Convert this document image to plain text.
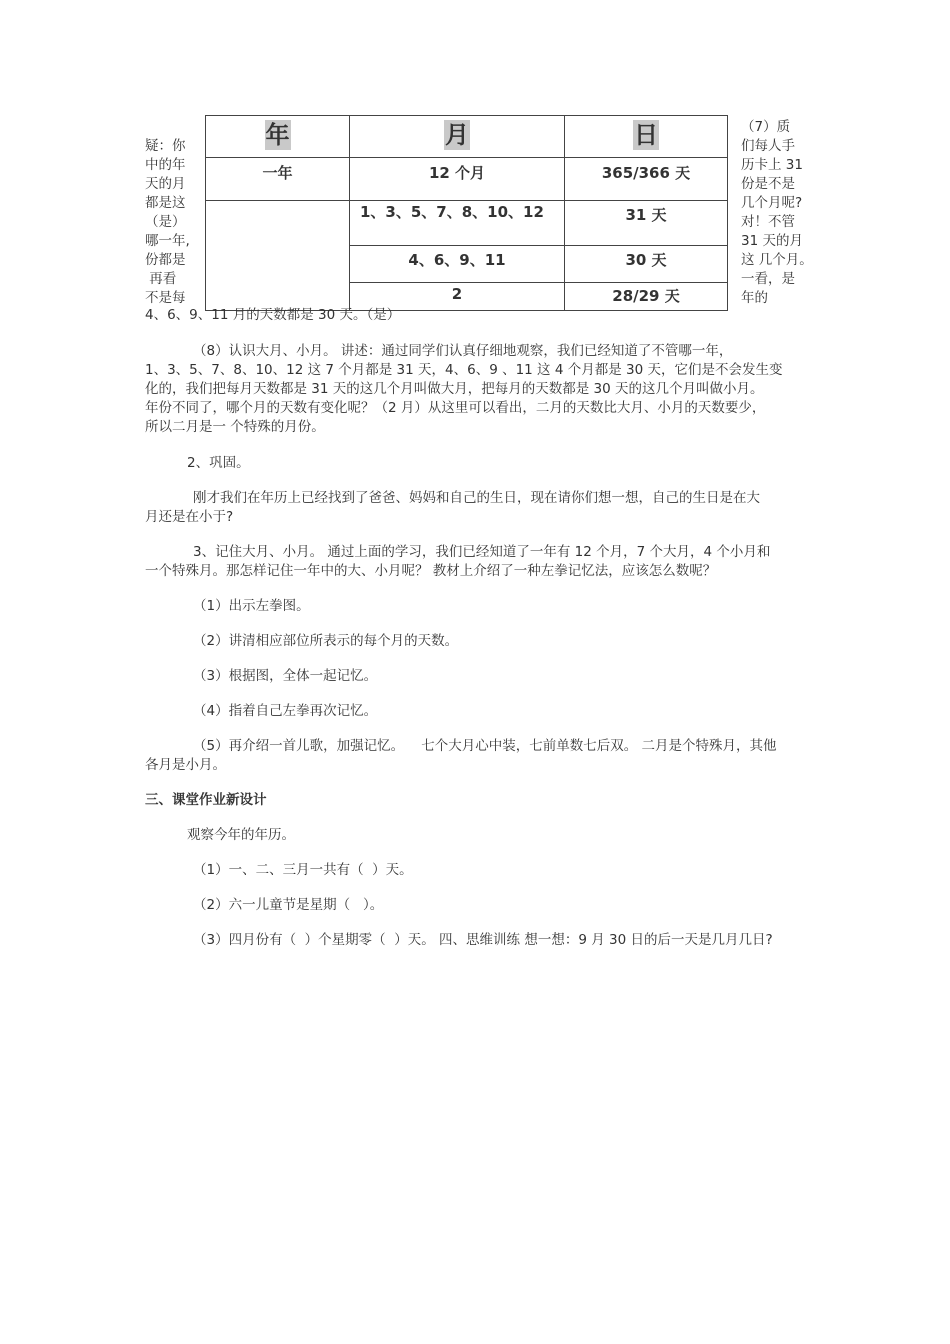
疑：你
中的年
天的月
都是这
（是）
哪一年,
份都是
再看
不是每
（7）质
们每人手
历卡上 31
份是不是
几个月呢?
对！不管
31 天的月
这 几个月。
一看，是
年的
年	月	日
一年	12 个月	365/366 天
	1、3、5、7、8、10、12	31 天
	4、6、9、11	30 天
	2	28/29 天
4、6、9、11 月的天数都是 30 天。（是）
（8）认识大月、小月。 讲述：通过同学们认真仔细地观察，我们已经知道了不管哪一年，
1、3、5、7、8、10、12 这 7 个月都是 31 天，4、6、9 、11 这 4 个月都是 30 天，它们是不会发生变
化的，我们把每月天数都是 31 天的这几个月叫做大月，把每月的天数都是 30 天的这几个月叫做小月。
年份不同了，哪个月的天数有变化呢？（2 月）从这里可以看出，二月的天数比大月、小月的天数要少，
所以二月是一 个特殊的月份。
2、巩固。
刚才我们在年历上已经找到了爸爸、妈妈和自己的生日，现在请你们想一想，自己的生日是在大
月还是在小于?
3、记住大月、小月。 通过上面的学习，我们已经知道了一年有 12 个月，7 个大月，4 个小月和
一个特殊月。那怎样记住一年中的大、小月呢？ 教材上介绍了一种左拳记忆法，应该怎么数呢？
（1）出示左拳图。
（2）讲清相应部位所表示的每个月的天数。
（3）根据图，全体一起记忆。
（4）指着自己左拳再次记忆。
（5）再介绍一首儿歌，加强记忆。    七个大月心中装，七前单数七后双。 二月是个特殊月，其他
各月是小月。
三、课堂作业新设计
观察今年的年历。
（1）一、二、三月一共有（  ）天。
（2）六一儿童节是星期（   ）。
（3）四月份有（  ）个星期零（  ）天。 四、思维训练 想一想：9 月 30 日的后一天是几月几日?
